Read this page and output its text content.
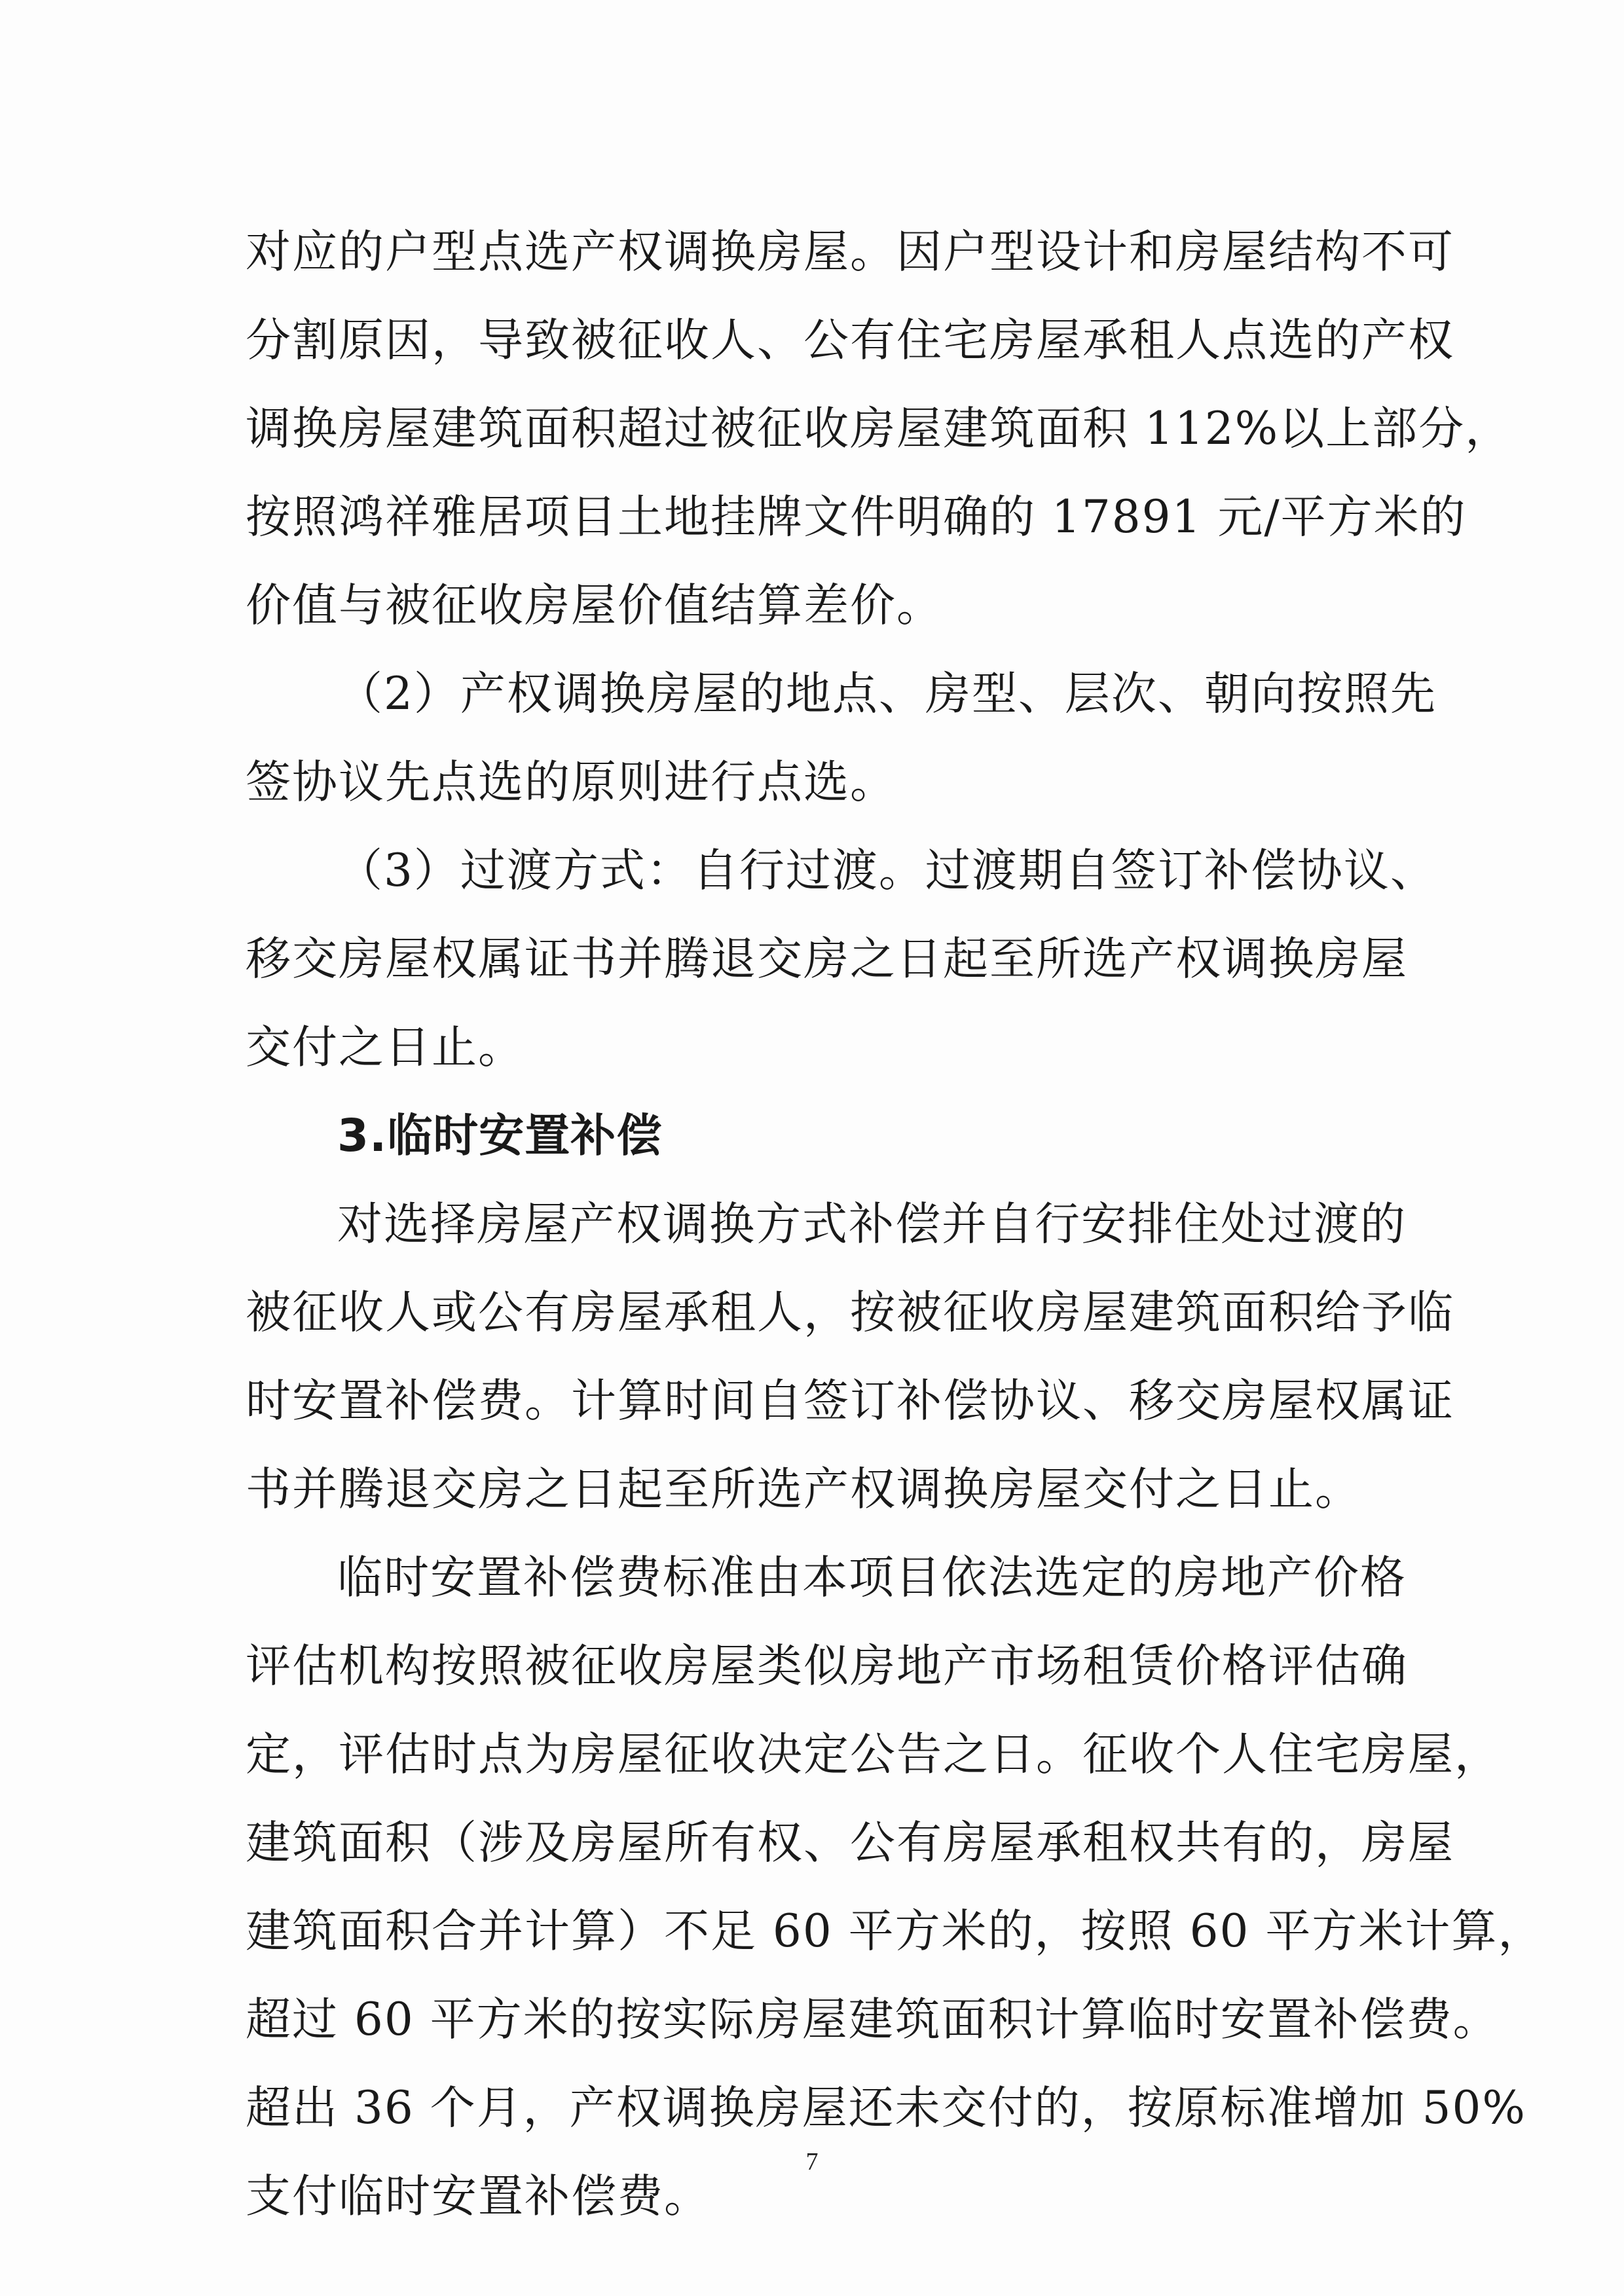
对应的户型点选产权调换房屋。因户型设计和房屋结构不可
分割原因，导致被征收人、公有住宅房屋承租人点选的产权
调换房屋建筑面积超过被征收房屋建筑面积 112%以上部分，
按照鸿祥雅居项目土地挂牌文件明确的 17891 元/平方米的
价值与被征收房屋价值结算差价。
（2）产权调换房屋的地点、房型、层次、朝向按照先
签协议先点选的原则进行点选。
（3）过渡方式：自行过渡。过渡期自签订补偿协议、
移交房屋权属证书并腾退交房之日起至所选产权调换房屋
交付之日止。
3.临时安置补偿
对选择房屋产权调换方式补偿并自行安排住处过渡的
被征收人或公有房屋承租人，按被征收房屋建筑面积给予临
时安置补偿费。计算时间自签订补偿协议、移交房屋权属证
书并腾退交房之日起至所选产权调换房屋交付之日止。
临时安置补偿费标准由本项目依法选定的房地产价格
评估机构按照被征收房屋类似房地产市场租赁价格评估确
定，评估时点为房屋征收决定公告之日。征收个人住宅房屋，
建筑面积（涉及房屋所有权、公有房屋承租权共有的，房屋
建筑面积合并计算）不足 60 平方米的，按照 60 平方米计算，
超过 60 平方米的按实际房屋建筑面积计算临时安置补偿费。
超出 36 个月，产权调换房屋还未交付的，按原标准增加 50%
支付临时安置补偿费。
7
